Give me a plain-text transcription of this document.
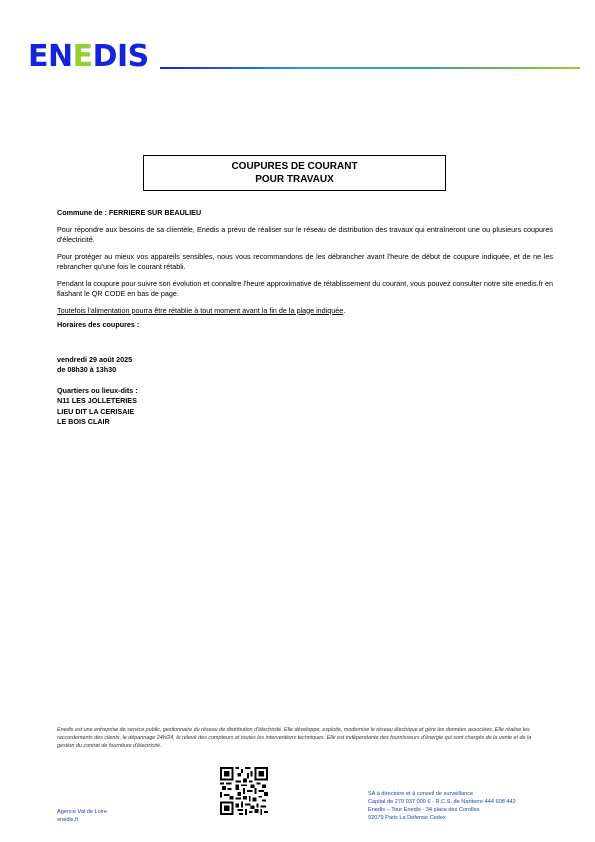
ENEDIS
COUPURES DE COURANT
POUR TRAVAUX

Commune de : FERRIERE SUR BEAULIEU

Pour répondre aux besoins de sa clientèle, Enedis a prévu de réaliser sur le réseau de distribution des travaux qui entraîneront une ou plusieurs coupures d'électricité.

Pour protéger au mieux vos appareils sensibles, nous vous recommandons de les débrancher avant l'heure de début de coupure indiquée, et de ne les rebrancher qu'une fois le courant rétabli.

Pendant la coupure pour suivre son évolution et connaître l'heure approximative de rétablissement du courant, vous pouvez consulter notre site enedis.fr en flashant le QR CODE en bas de page.

Toutefois l'alimentation pourra être rétablie à tout moment avant la fin de la plage indiquée.

Horaires des coupures :

vendredi 29 août 2025

de 08h30 à 13h30

Quartiers ou lieux-dits :

N11 LES JOLLETERIES

LIEU DIT LA CERISAIE

LE BOIS CLAIR

Enedis est une entreprise de service public, gestionnaire du réseau de distribution d'électricité. Elle développe, exploite, modernise le réseau électrique et gère les données associées. Elle réalise les raccordements des clients, le dépannage 24h/24, le relevé des compteurs et toutes les interventions techniques. Elle est indépendante des fournisseurs d'énergie qui sont chargés de la vente et de la gestion du contrat de fourniture d'électricité.
Agence Val de Loire
enedis.fr
SA à directoire et à conseil de surveillance
Capital de 270 037 000 € - R.C.S. de Nanterre 444 608 442
Enedis – Tour Enedis - 34 place des Corolles
92079 Paris La Défense Cedex
